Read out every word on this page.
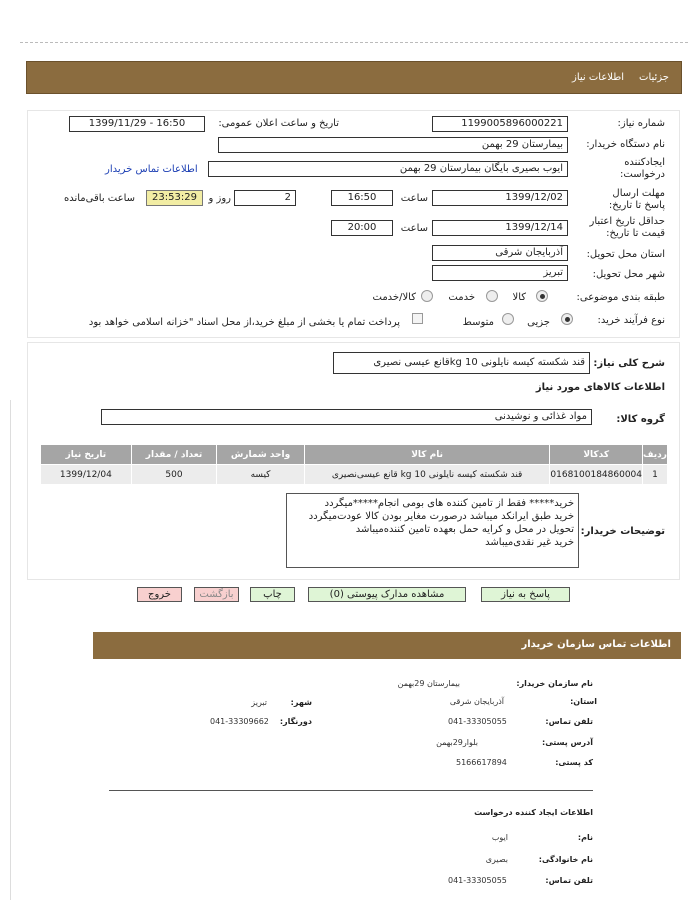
جزئیات
اطلاعات نیاز
شماره نیاز:
1199005896000221
تاریخ و ساعت اعلان عمومی:
1399/11/29 - 16:50
نام دستگاه خریدار:
بیمارستان 29 بهمن
ایجادکننده درخواست:
ایوب بصیری بایگان بیمارستان 29 بهمن
اطلاعات تماس خریدار
مهلت ارسال پاسخ تا تاریخ:
1399/12/02
ساعت
16:50
2
روز و
23:53:29
ساعت باقی‌مانده
حداقل تاریخ اعتبار قیمت تا تاریخ:
1399/12/14
ساعت
20:00
استان محل تحویل:
آذربایجان شرقی
شهر محل تحویل:
تبریز
طبقه بندی موضوعی:
کالا
خدمت
کالا/خدمت
نوع فرآیند خرید:
جزیی
متوسط
پرداخت تمام یا بخشی از مبلغ خرید،از محل اسناد "خزانه اسلامی خواهد بود
شرح کلی نیاز:
قند شکسته کیسه نایلونی 10 kgقانع عیسی نصیری
اطلاعات کالاهای مورد نیاز
گروه کالا:
مواد غذائی و نوشیدنی
ردیف	کدکالا	نام کالا	واحد شمارش	تعداد / مقدار	تاریخ نیاز
1	0168100184860004	قند شکسته کیسه نایلونی 10 kg قانع عیسی‌نصیری	کیسه	500	1399/12/04
توضیحات خریدار:
خرید***** فقط از تامین کننده های بومی انجام*****میگردد
خرید طبق ایرانکد میباشد درصورت مغایر بودن کالا عودت‌میگردد
تحویل در محل و کرایه حمل بعهده تامین کننده‌میباشد
خرید غیر نقدی‌میباشد
پاسخ به نیاز
مشاهده مدارک پیوستی (0)
چاپ
بازگشت
خروج
اطلاعات تماس سازمان خریدار
نام سازمان خریدار:
بیمارستان 29بهمن
استان:
آذربایجان شرقی
شهر:
تبریز
تلفن تماس:
041-33305055
دورنگار:
041-33309662
آدرس پستی:
بلوار29بهمن
کد پستی:
5166617894
اطلاعات ایجاد کننده درخواست
نام:
ایوب
نام خانوادگی:
بصیری
تلفن تماس:
041-33305055
